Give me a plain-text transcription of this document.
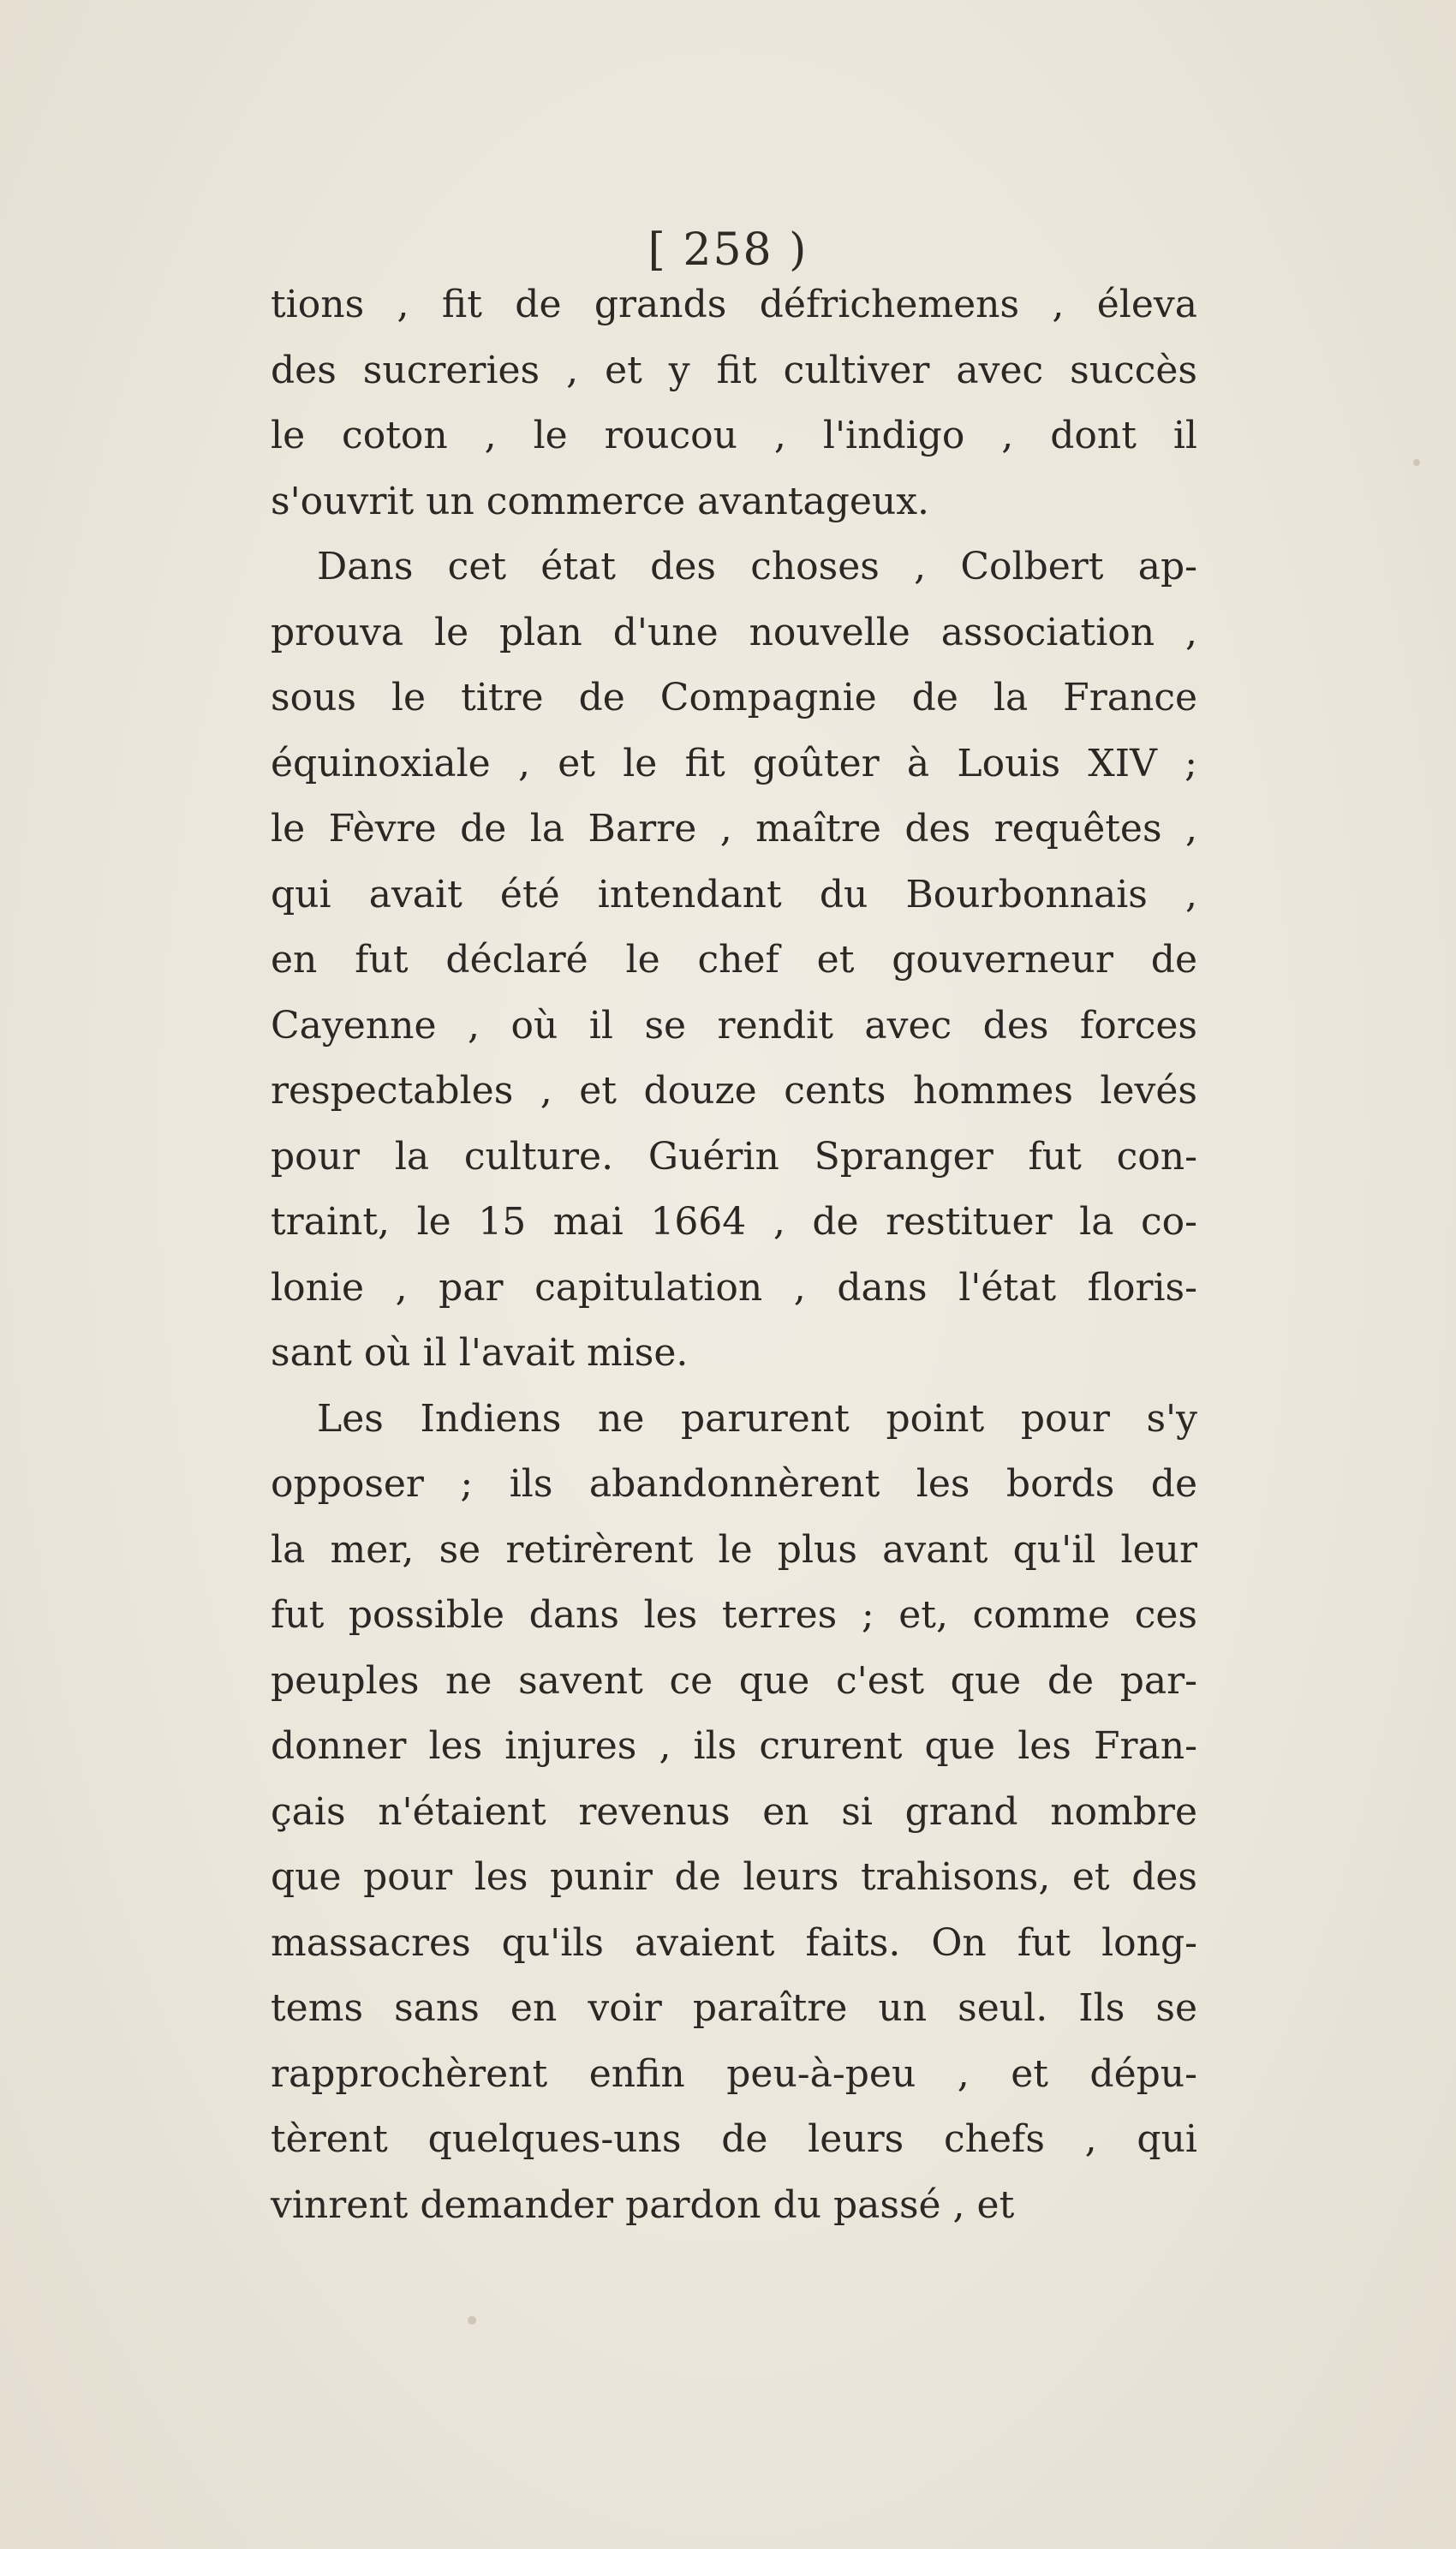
[ 258 )
tions , fit de grands défrichemens , éleva
des sucreries , et y fit cultiver avec succès
le coton , le roucou , l'indigo , dont il
s'ouvrit un commerce avantageux.
Dans cet état des choses , Colbert ap-
prouva le plan d'une nouvelle association ,
sous le titre de Compagnie de la France
équinoxiale , et le fit goûter à Louis XIV ;
le Fèvre de la Barre , maître des requêtes ,
qui avait été intendant du Bourbonnais ,
en fut déclaré le chef et gouverneur de
Cayenne , où il se rendit avec des forces
respectables , et douze cents hommes levés
pour la culture. Guérin Spranger fut con-
traint, le 15 mai 1664 , de restituer la co-
lonie , par capitulation , dans l'état floris-
sant où il l'avait mise.
Les Indiens ne parurent point pour s'y
opposer ; ils abandonnèrent les bords de
la mer, se retirèrent le plus avant qu'il leur
fut possible dans les terres ; et, comme ces
peuples ne savent ce que c'est que de par-
donner les injures , ils crurent que les Fran-
çais n'étaient revenus en si grand nombre
que pour les punir de leurs trahisons, et des
massacres qu'ils avaient faits. On fut long-
tems sans en voir paraître un seul. Ils se
rapprochèrent enfin peu-à-peu , et dépu-
tèrent quelques-uns de leurs chefs , qui
vinrent demander pardon du passé , et
